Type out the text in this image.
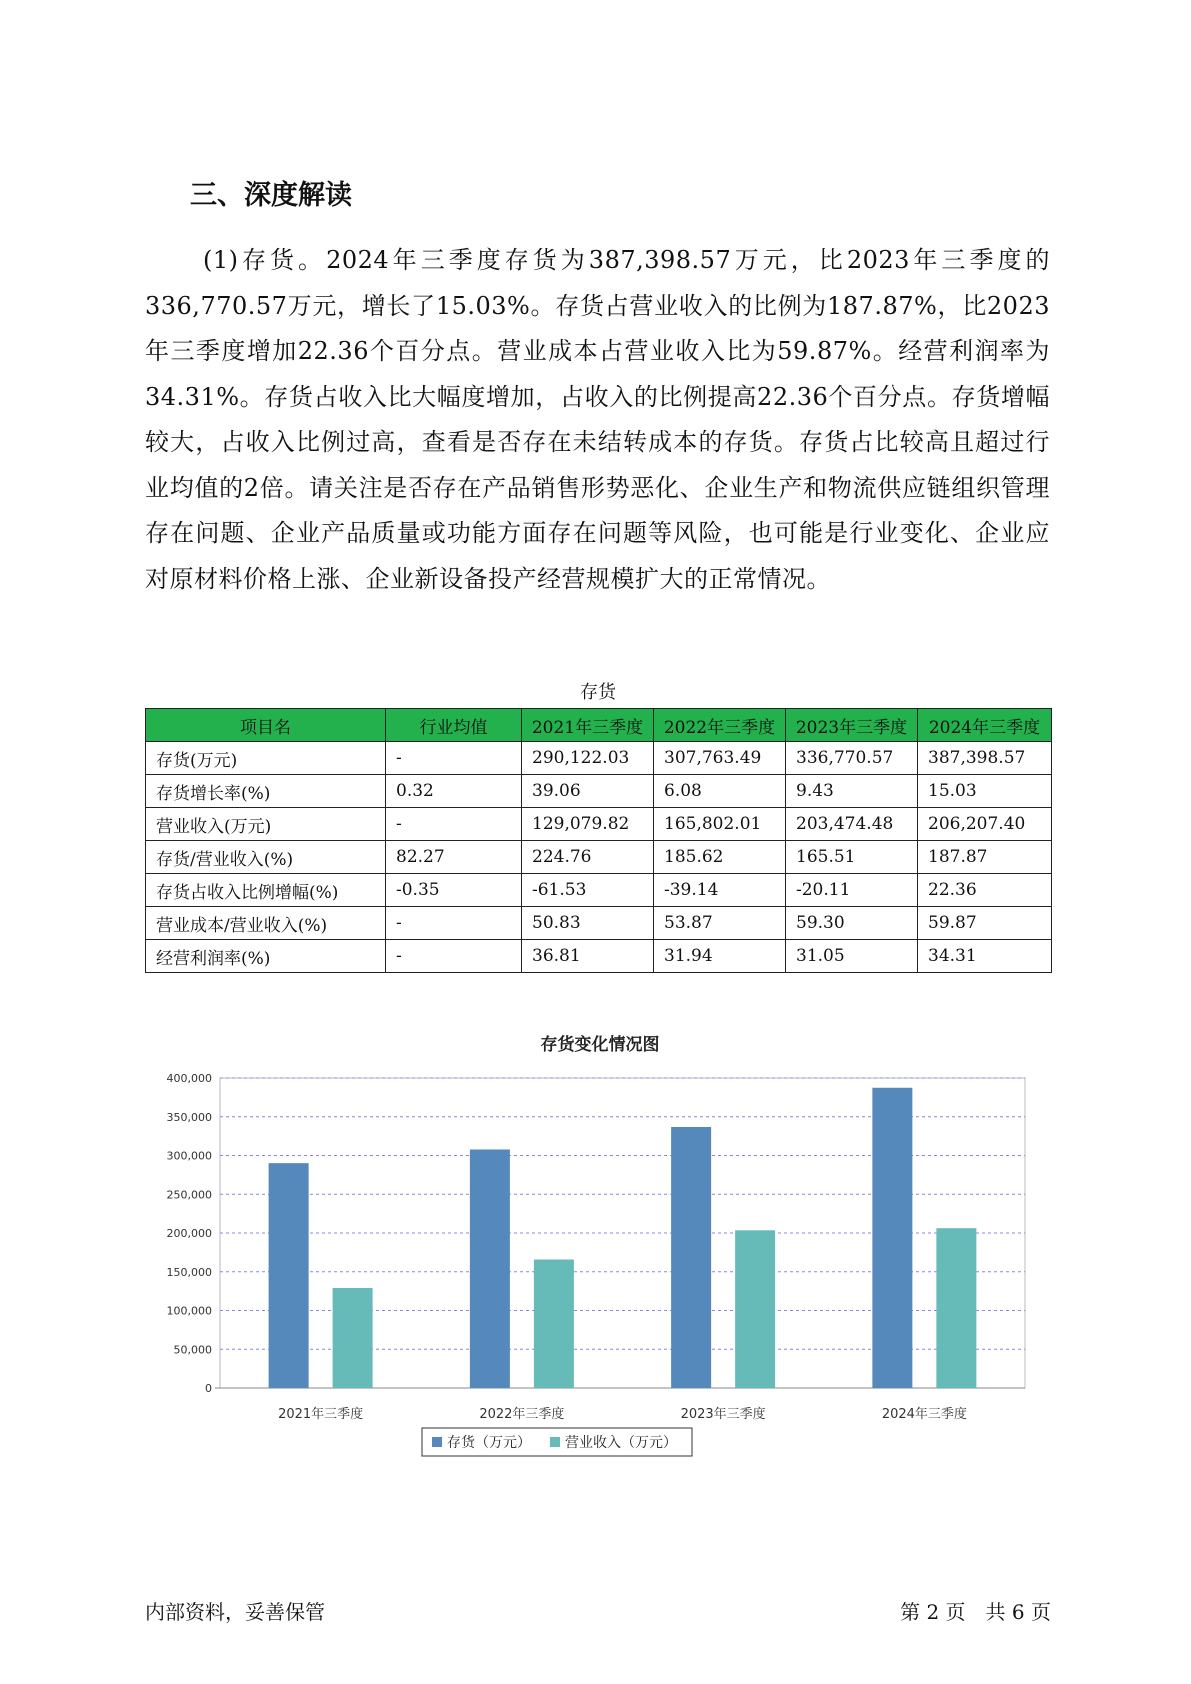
三、深度解读

(1)存货。2024年三季度存货为387,398.57万元，比2023年三季度的336,770.57万元，增长了15.03%。存货占营业收入的比例为187.87%，比2023年三季度增加22.36个百分点。营业成本占营业收入比为59.87%。经营利润率为34.31%。存货占收入比大幅度增加，占收入的比例提高22.36个百分点。存货增幅较大，占收入比例过高，查看是否存在未结转成本的存货。存货占比较高且超过行业均值的2倍。请关注是否存在产品销售形势恶化、企业生产和物流供应链组织管理存在问题、企业产品质量或功能方面存在问题等风险，也可能是行业变化、企业应对原材料价格上涨、企业新设备投产经营规模扩大的正常情况。

存货
项目名	行业均值	2021年三季度	2022年三季度	2023年三季度	2024年三季度
存货(万元)	-	290,122.03	307,763.49	336,770.57	387,398.57
存货增长率(%)	0.32	39.06	6.08	9.43	15.03
营业收入(万元)	-	129,079.82	165,802.01	203,474.48	206,207.40
存货/营业收入(%)	82.27	224.76	185.62	165.51	187.87
存货占收入比例增幅(%)	-0.35	-61.53	-39.14	-20.11	22.36
营业成本/营业收入(%)	-	50.83	53.87	59.30	59.87
经营利润率(%)	-	36.81	31.94	31.05	34.31
存货变化情况图
0
50,000
100,000
150,000
200,000
250,000
300,000
350,000
400,000
2021年三季度	2022年三季度	2023年三季度	2024年三季度
存货（万元） 营业收入（万元）
内部资料，妥善保管	第 2 页　共 6 页
